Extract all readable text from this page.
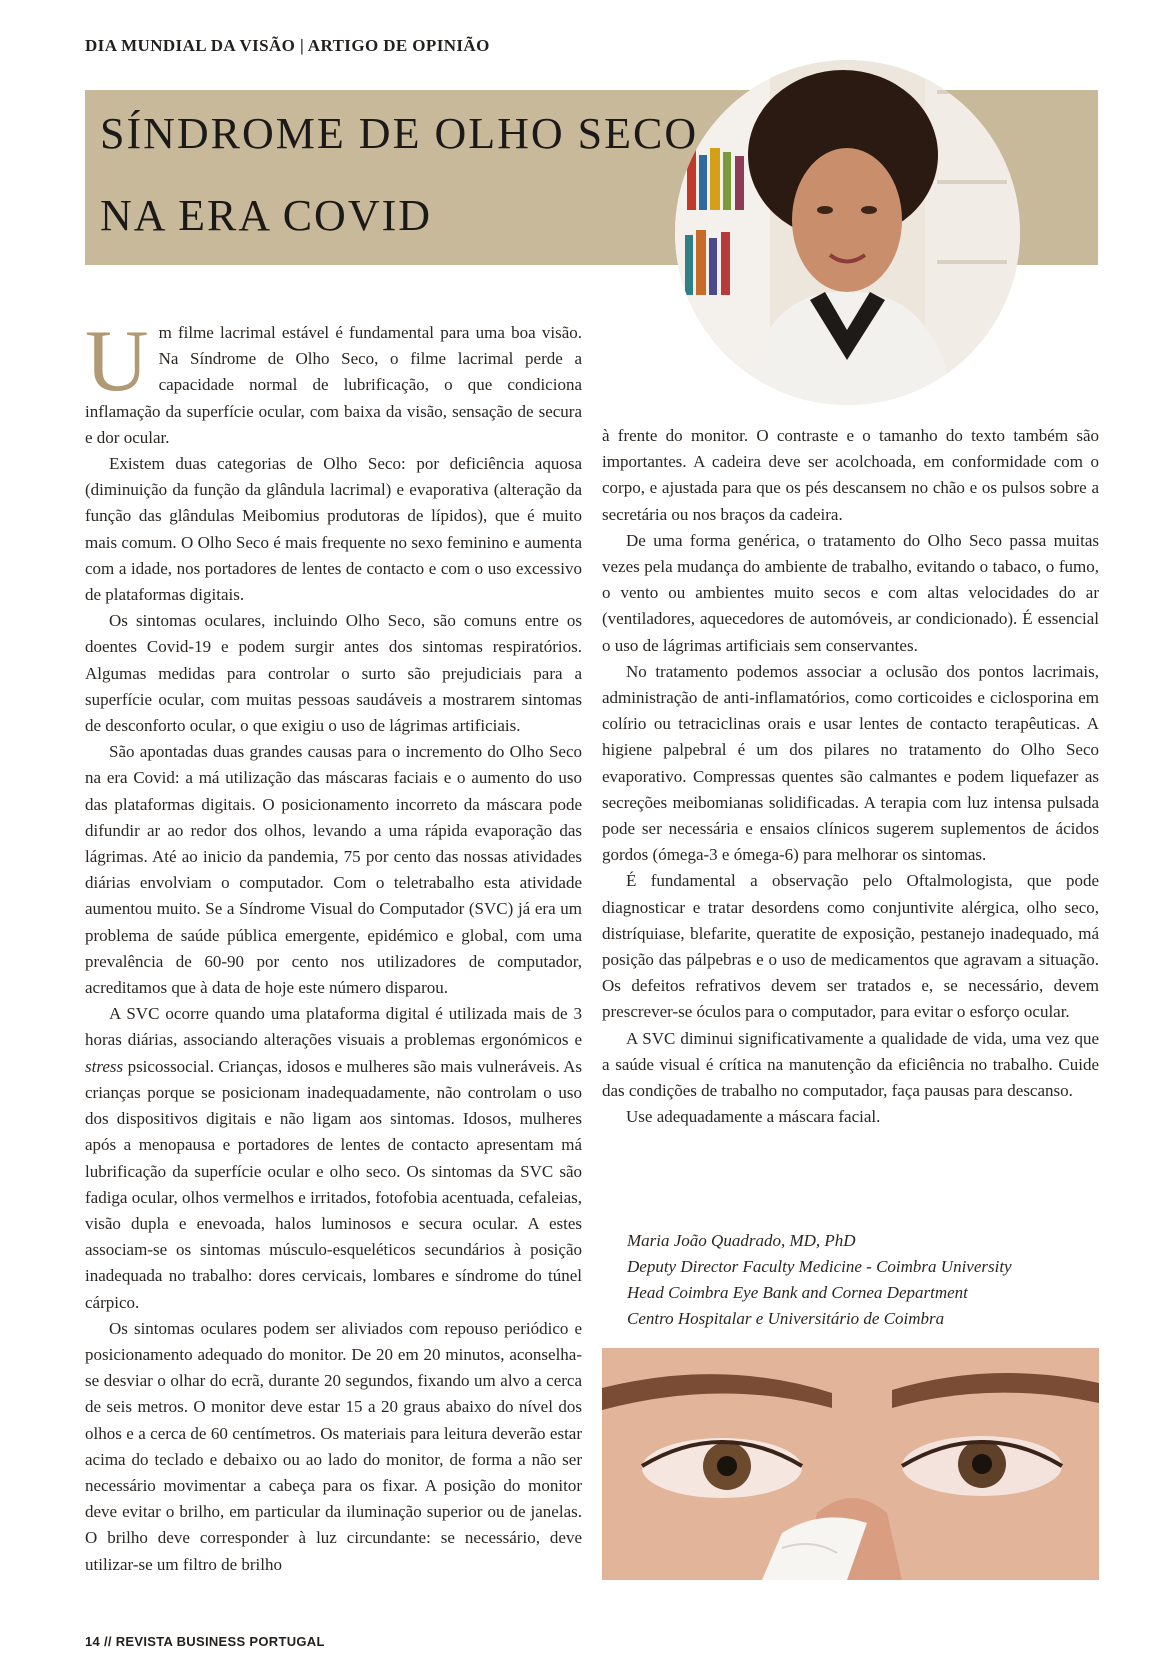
DIA MUNDIAL DA VISÃO | ARTIGO DE OPINIÃO
SÍNDROME DE OLHO SECO
NA ERA COVID

Um filme lacrimal estável é fundamental para uma boa visão. Na Síndrome de Olho Seco, o filme lacrimal perde a capacidade normal de lubrificação, o que condiciona inflamação da superfície ocular, com baixa da visão, sensação de secura e dor ocular.

Existem duas categorias de Olho Seco: por deficiência aquosa (diminuição da função da glândula lacrimal) e evaporativa (alteração da função das glândulas Meibomius produtoras de lípidos), que é muito mais comum. O Olho Seco é mais frequente no sexo feminino e aumenta com a idade, nos portadores de lentes de contacto e com o uso excessivo de plataformas digitais.

Os sintomas oculares, incluindo Olho Seco, são comuns entre os doentes Covid-19 e podem surgir antes dos sintomas respiratórios. Algumas medidas para controlar o surto são prejudiciais para a superfície ocular, com muitas pessoas saudáveis a mostrarem sintomas de desconforto ocular, o que exigiu o uso de lágrimas artificiais.

São apontadas duas grandes causas para o incremento do Olho Seco na era Covid: a má utilização das máscaras faciais e o aumento do uso das plataformas digitais. O posicionamento incorreto da máscara pode difundir ar ao redor dos olhos, levando a uma rápida evaporação das lágrimas. Até ao inicio da pandemia, 75 por cento das nossas atividades diárias envolviam o computador. Com o teletrabalho esta atividade aumentou muito. Se a Síndrome Visual do Computador (SVC) já era um problema de saúde pública emergente, epidémico e global, com uma prevalência de 60-90 por cento nos utilizadores de computador, acreditamos que à data de hoje este número disparou.

A SVC ocorre quando uma plataforma digital é utilizada mais de 3 horas diárias, associando alterações visuais a problemas ergonómicos e stress psicossocial. Crianças, idosos e mulheres são mais vulneráveis. As crianças porque se posicionam inadequadamente, não controlam o uso dos dispositivos digitais e não ligam aos sintomas. Idosos, mulheres após a menopausa e portadores de lentes de contacto apresentam má lubrificação da superfície ocular e olho seco. Os sintomas da SVC são fadiga ocular, olhos vermelhos e irritados, fotofobia acentuada, cefaleias, visão dupla e enevoada, halos luminosos e secura ocular. A estes associam-se os sintomas músculo-esqueléticos secundários à posição inadequada no trabalho: dores cervicais, lombares e síndrome do túnel cárpico.

Os sintomas oculares podem ser aliviados com repouso periódico e posicionamento adequado do monitor. De 20 em 20 minutos, aconselha-se desviar o olhar do ecrã, durante 20 segundos, fixando um alvo a cerca de seis metros. O monitor deve estar 15 a 20 graus abaixo do nível dos olhos e a cerca de 60 centímetros. Os materiais para leitura deverão estar acima do teclado e debaixo ou ao lado do monitor, de forma a não ser necessário movimentar a cabeça para os fixar. A posição do monitor deve evitar o brilho, em particular da iluminação superior ou de janelas. O brilho deve corresponder à luz circundante: se necessário, deve utilizar-se um filtro de brilho

à frente do monitor. O contraste e o tamanho do texto também são importantes. A cadeira deve ser acolchoada, em conformidade com o corpo, e ajustada para que os pés descansem no chão e os pulsos sobre a secretária ou nos braços da cadeira.

De uma forma genérica, o tratamento do Olho Seco passa muitas vezes pela mudança do ambiente de trabalho, evitando o tabaco, o fumo, o vento ou ambientes muito secos e com altas velocidades do ar (ventiladores, aquecedores de automóveis, ar condicionado). É essencial o uso de lágrimas artificiais sem conservantes.

No tratamento podemos associar a oclusão dos pontos lacrimais, administração de anti-inflamatórios, como corticoides e ciclosporina em colírio ou tetraciclinas orais e usar lentes de contacto terapêuticas. A higiene palpebral é um dos pilares no tratamento do Olho Seco evaporativo. Compressas quentes são calmantes e podem liquefazer as secreções meibomianas solidificadas. A terapia com luz intensa pulsada pode ser necessária e ensaios clínicos sugerem suplementos de ácidos gordos (ómega-3 e ómega-6) para melhorar os sintomas.

É fundamental a observação pelo Oftalmologista, que pode diagnosticar e tratar desordens como conjuntivite alérgica, olho seco, distríquiase, blefarite, queratite de exposição, pestanejo inadequado, má posição das pálpebras e o uso de medicamentos que agravam a situação. Os defeitos refrativos devem ser tratados e, se necessário, devem prescrever-se óculos para o computador, para evitar o esforço ocular.

A SVC diminui significativamente a qualidade de vida, uma vez que a saúde visual é crítica na manutenção da eficiência no trabalho. Cuide das condições de trabalho no computador, faça pausas para descanso.

Use adequadamente a máscara facial.

Maria João Quadrado, MD, PhD
Deputy Director Faculty Medicine - Coimbra University
Head Coimbra Eye Bank and Cornea Department
Centro Hospitalar e Universitário de Coimbra
14 // REVISTA BUSINESS PORTUGAL
